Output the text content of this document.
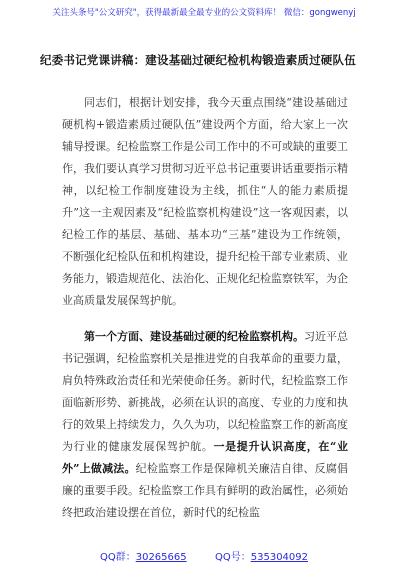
关注头条号"公文研究"，获得最新最全最专业的公文资料库！ 微信：gongwenyj
纪委书记党课讲稿：建设基础过硬纪检机构锻造素质过硬队伍

同志们，根据计划安排，我今天重点围绕“建设基础过硬机构+锻造素质过硬队伍”建设两个方面，给大家上一次辅导授课。纪检监察工作是公司工作中的不可或缺的重要工作，我们要认真学习贯彻习近平总书记重要讲话重要指示精神，以纪检工作制度建设为主线，抓住“人的能力素质提升”这一主观因素及“纪检监察机构建设”这一客观因素，以纪检工作的基层、基础、基本功“三基”建设为工作统领，不断强化纪检队伍和机构建设，提升纪检干部专业素质、业务能力，锻造规范化、法治化、正规化纪检监察铁军，为企业高质量发展保驾护航。

第一个方面、建设基础过硬的纪检监察机构。习近平总书记强调，纪检监察机关是推进党的自我革命的重要力量，肩负特殊政治责任和光荣使命任务。新时代，纪检监察工作面临新形势、新挑战，必须在认识的高度、专业的力度和执行的效果上持续发力，久久为功，以纪检监察工作的新高度为行业的健康发展保驾护航。一是提升认识高度，在“业外”上做减法。纪检监察工作是保障机关廉洁自律、反腐倡廉的重要手段。纪检监察工作具有鲜明的政治属性，必须始终把政治建设摆在首位，新时代的纪检监

QQ群：30265665	QQ号：535304092
